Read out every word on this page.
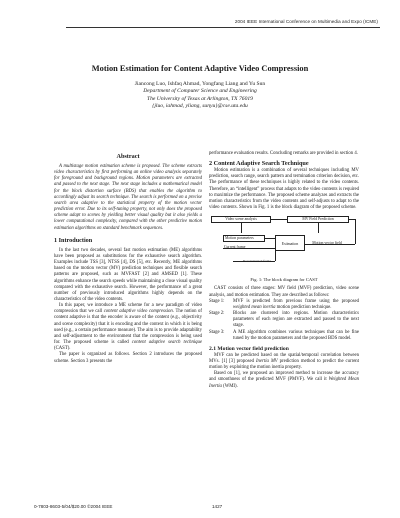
2004 IEEE International Conference on Multimedia and Expo (ICME)
Motion Estimation for Content Adaptive Video Compression
Jiancong Luo, Ishfaq Ahmad, Yongfang Liang and Yu Sun
Department of Computer Science and Engineering
The University of Texas at Arlington, TX 76019
{jluo, iahmad, yliang, sunyu}@cse.uta.edu
Abstract
A multistage motion estimation scheme is proposed. The scheme extracts video characteristics by first performing an online video analysis separately for foreground and background regions. Motion parameters are extracted and passed to the next stage. The next stage includes a mathematical model for the block distortion surface (BDS) that enables the algorithm to accordingly adjust its search technique. The search is performed on a precise search area adaptive to the statistical property of the motion vector prediction error. Due to its self-tuning property, not only does the proposed scheme adapt to scenes by yielding better visual quality but it also yields a lower computational complexity, compared with the other predictive motion estimation algorithms on standard benchmark sequences.
1 Introduction
In the last two decades, several fast motion estimation (ME) algorithms have been proposed as substitutions for the exhaustive search algorithm. Examples include TSS [3], NTSS [4], DS [5], etc. Recently, ME algorithms based on the motion vector (MV) prediction techniques and flexible search patterns are proposed, such as MVFAST [2] and AMSED [1]. These algorithms enhance the search speeds while maintaining a close visual quality compared with the exhaustive search. However, the performance of a great number of previously introduced algorithms highly depends on the characteristics of the video contents.
In this paper, we introduce a ME scheme for a new paradigm of video compression that we call content adaptive video compression. The notion of content adaptive is that the encoder is aware of the content (e.g., objectivity and scene complexity) that it is encoding and the context in which it is being used (e.g., a certain performance measure). The aim is to provide adaptability and self-adjustment to the environment that the compression is being used for. The proposed scheme is called content adaptive search technique (CAST).
The paper is organized as follows. Section 2 introduces the proposed scheme. Section 3 presents the
performance evaluation results. Concluding remarks are provided in section 4.
2 Content Adaptive Search Technique
Motion estimation is a combination of several techniques including MV prediction, search range, search pattern and termination criterion decision, etc. The performance of these techniques is highly related to the video contents. Therefore, an “intelligent” process that adapts to the video contents is required to maximize the performance. The proposed scheme analyzes and extracts the motion characteristics from the video contents and self-adjusts to adapt to the video contents. Shown in Fig. 1 is the block diagram of the proposed scheme.
Video scene analysis	MV Field Prediction
Motion parameters
Estimation
Current frame
Motion vector field
Reconstructed frame
Fig. 1: The block diagram for CAST
CAST consists of three stages: MV field (MVF) prediction, video scene analysis, and motion estimation. They are described as follows:
Stage 1:	MVF is predicted from previous frame using the proposed weighted mean inertia motion prediction technique.
Stage 2:	Blocks are clustered into regions. Motion characteristics parameters of each region are extracted and passed to the next stage.
Stage 3:	A ME algorithm combines various techniques that can be fine tuned by the motion parameters and the proposed BDS model.
2.1 Motion vector field prediction
MVF can be predicted based on the spatial/temporal correlation between MVs. [1] [3] proposed Inertia MV prediction method to predict the current motion by exploiting the motion inertia property.
Based on [1], we proposed an improved method to increase the accuracy and smoothness of the predicted MVF (PMVF). We call it Weighted Mean Inertia (WMI).
0-7803-8603-5/04/$20.00 ©2004 IEEE	1427
